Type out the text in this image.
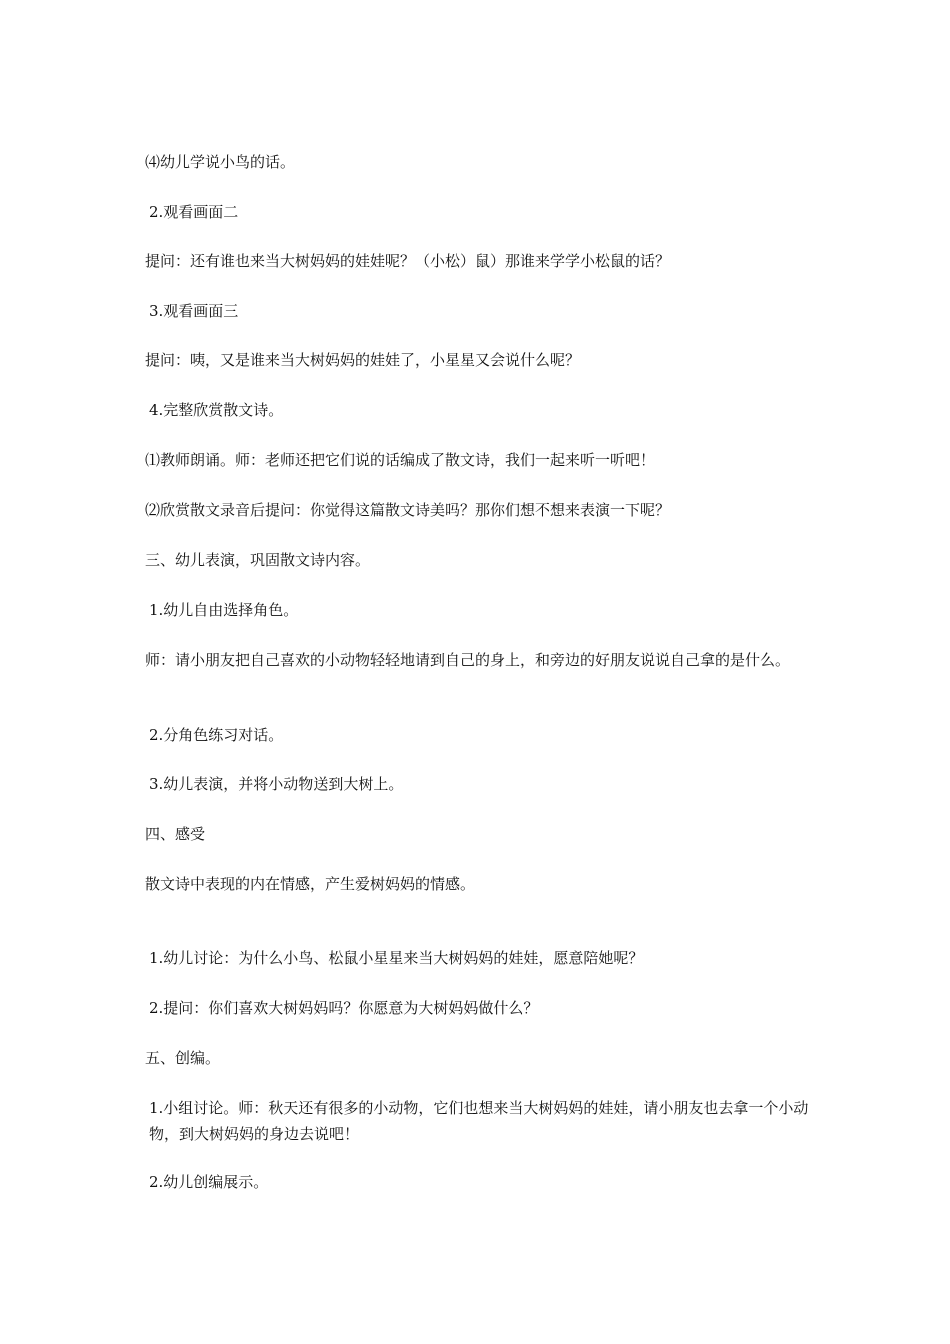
⑷幼儿学说小鸟的话。
2.观看画面二
提问：还有谁也来当大树妈妈的娃娃呢？（小松）鼠）那谁来学学小松鼠的话？
3.观看画面三
提问：咦，又是谁来当大树妈妈的娃娃了，小星星又会说什么呢？
4.完整欣赏散文诗。
⑴教师朗诵。师：老师还把它们说的话编成了散文诗，我们一起来听一听吧！
⑵欣赏散文录音后提问：你觉得这篇散文诗美吗？那你们想不想来表演一下呢？
三、幼儿表演，巩固散文诗内容。
1.幼儿自由选择角色。
师：请小朋友把自己喜欢的小动物轻轻地请到自己的身上，和旁边的好朋友说说自己拿的是什么。
2.分角色练习对话。
3.幼儿表演，并将小动物送到大树上。
四、感受
散文诗中表现的内在情感，产生爱树妈妈的情感。
1.幼儿讨论：为什么小鸟、松鼠小星星来当大树妈妈的娃娃，愿意陪她呢？
2.提问：你们喜欢大树妈妈吗？你愿意为大树妈妈做什么？
五、创编。
1.小组讨论。师：秋天还有很多的小动物，它们也想来当大树妈妈的娃娃，请小朋友也去拿一个小动物，到大树妈妈的身边去说吧！
2.幼儿创编展示。
